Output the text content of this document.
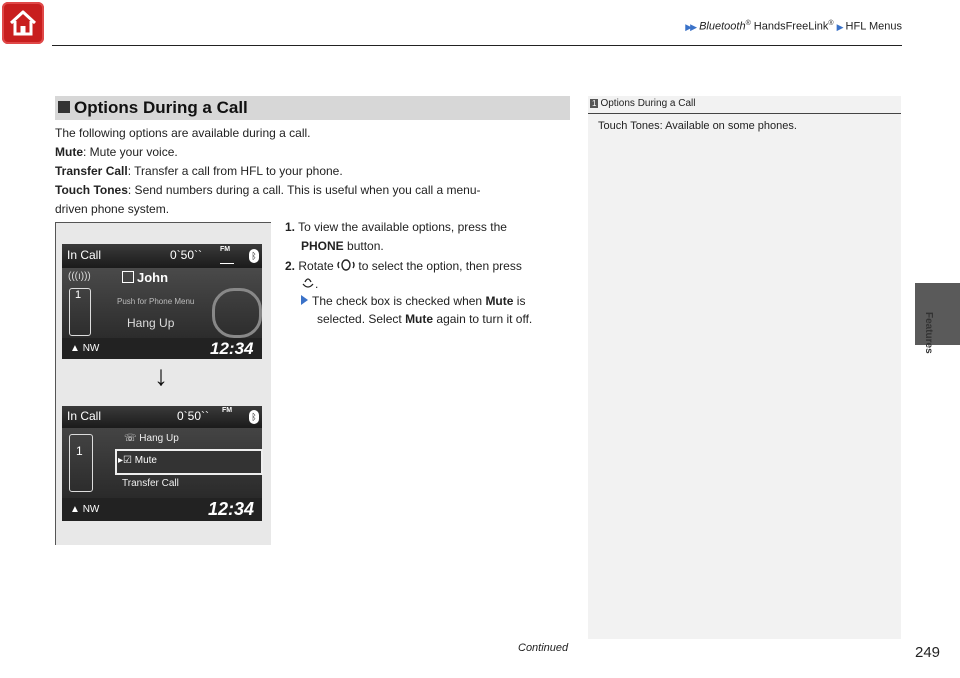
▶▶ Bluetooth® HandsFreeLink® ▶ HFL Menus
Features
Options During a Call
The following options are available during a call.
Mute: Mute your voice.
Transfer Call: Transfer a call from HFL to your phone.
Touch Tones: Send numbers during a call. This is useful when you call a menu-
driven phone system.
1. To view the available options, press the
PHONE button.
2. Rotate  to select the option, then press
.
The check box is checked when Mute is
selected. Select Mute again to turn it off.
In Call	0`50``	FM
ᛒ
(((ı)))	John
1
Push for Phone Menu
Hang Up
▲ NW	12:34
↓
In Call	0`50`` FM
ᛒ
1
☏ Hang Up
▸☑ Mute
Transfer Call
▲ NW	12:34
1 Options During a Call
Touch Tones: Available on some phones.
Continued	249
